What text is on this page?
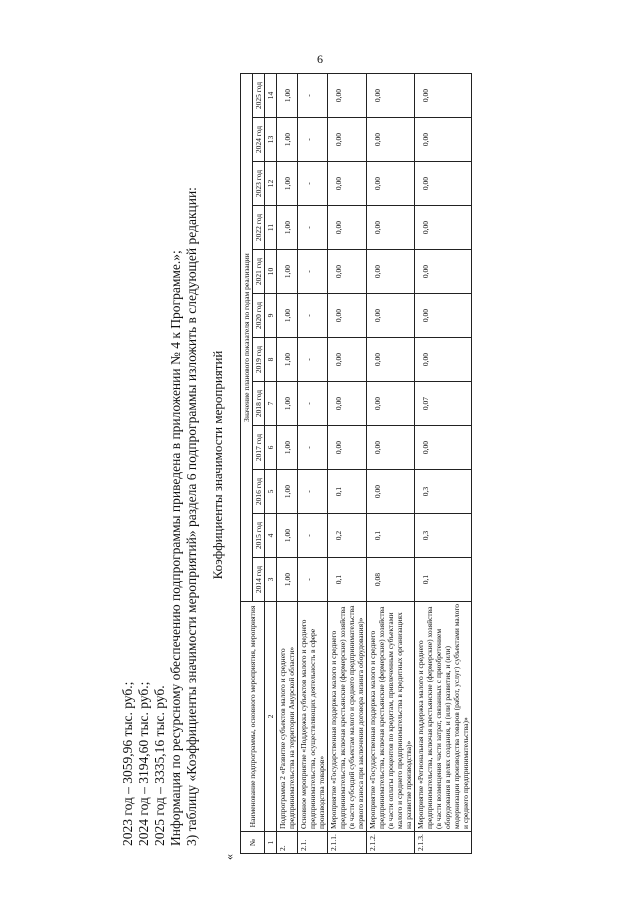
6
2023 год – 3059,96 тыс. руб.; 2024 год – 3194,60 тыс. руб.; 2025 год – 3335,16 тыс. руб. Информация по ресурсному обеспечению подпрограммы приведена в приложении № 4 к Программе.»; 3) таблицу «Коэффициенты значимости мероприятий» раздела 6 подпрограммы изложить в следующей редакции:
«
Коэффициенты значимости мероприятий
№	Наименование подпрограммы, основного мероприятия, мероприятия	Значение планового показателя по годам реализации											
		2014 год	2015 год	2016 год	2017 год	2018 год	2019 год	2020 год	2021 год	2022 год	2023 год	2024 год	2025 год
1	2	3	4	5	6	7	8	9	10	11	12	13	14
2.	Подпрограмма 2 «Развитие субъектов малого и среднего предпринимательства на территории Амурской области»	1,00	1,00	1,00	1,00	1,00	1,00	1,00	1,00	1,00	1,00	1,00	1,00
2.1.	Основное мероприятие «Поддержка субъектов малого и среднего предпринимательства, осуществляющих деятельность в сфере производства товаров»	-	-	-	-	-	-	-	-	-	-	-	-
2.1.1.	Мероприятие «Государственная поддержка малого и среднего предпринимательства, включая крестьянские (фермерские) хозяйства (в части субсидий субъектам малого и среднего предпринимательства первого взноса при заключении договора лизинга оборудования)»	0,1	0,2	0,1	0,00	0,00	0,00	0,00	0,00	0,00	0,00	0,00	0,00
2.1.2.	Мероприятие «Государственная поддержка малого и среднего предпринимательства, включая крестьянские (фермерские) хозяйства (в части оплаты процентов по кредитам, привлеченным субъектами малого и среднего предпринимательства в кредитных организациях на развитие производства)»	0,08	0,1	0,00	0,00	0,00	0,00	0,00	0,00	0,00	0,00	0,00	0,00
2.1.3.	Мероприятие «Региональная поддержка малого и среднего предпринимательства, включая крестьянские (фермерские) хозяйства (в части возмещения части затрат, связанных с приобретением оборудования в целях создания, и (или) развития, и (или) модернизации производства товаров (работ, услуг) субъектами малого и среднего предпринимательства)»	0,1	0,3	0,3	0,00	0,07	0,00	0,00	0,00	0,00	0,00	0,00	0,00
